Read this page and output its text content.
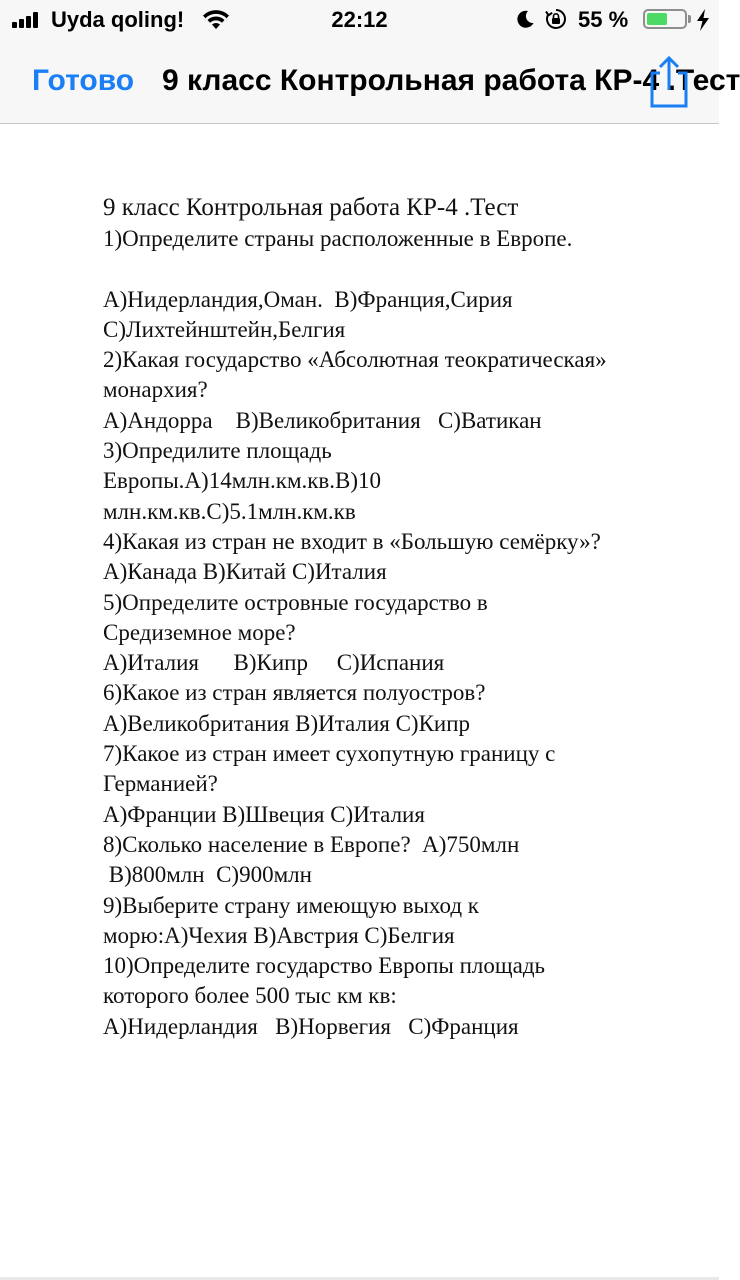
Uyda qoling!	22:12	55 %
Готово 9 класс Контрольная работа КР-4 .Тест

9 класс Контрольная работа КР-4 .Тест

1)Определите страны расположенные в Европе.

A)Нидерландия,Оман.  B)Франция,Сирия

C)Лихтейнштейн,Белгия

2)Какая государство «Абсолютная теократическая»

монархия?

A)Андорра    B)Великобритания   C)Ватикан

3)Опредилите площадь

Европы.A)14млн.км.кв.B)10

млн.км.кв.C)5.1млн.км.кв

4)Какая из стран не входит в «Большую семёрку»?

A)Канада B)Китай C)Италия

5)Определите островные государство в

Средиземное море?

A)Италия      B)Кипр     C)Испания

6)Какое из стран является полуостров?

A)Великобритания B)Италия C)Кипр

7)Какое из стран имеет сухопутную границу с

Германией?

A)Франции B)Швеция C)Италия

8)Сколько население в Европе?  A)750млн

B)800млн  C)900млн

9)Выберите страну имеющую выход к

морю:A)Чехия B)Австрия C)Белгия

10)Определите государство Европы площадь

которого более 500 тыс км кв:

A)Нидерландия   B)Норвегия   C)Франция
